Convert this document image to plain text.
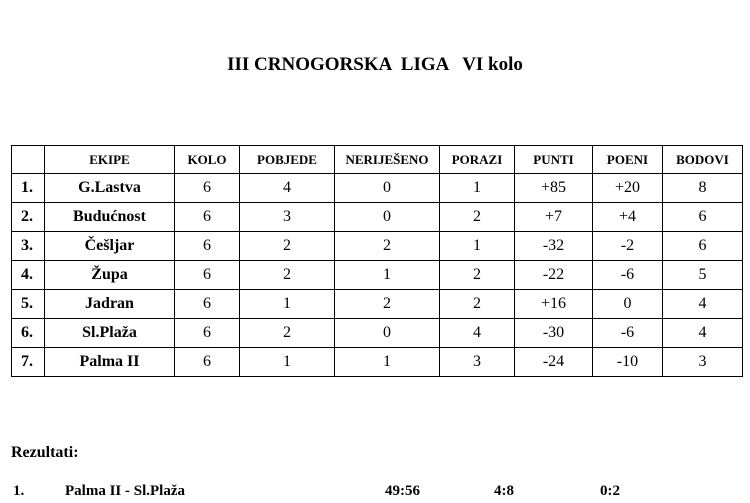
III CRNOGORSKA  LIGA   VI kolo
	EKIPE	KOLO	POBJEDE	NERIJEŠENO	PORAZI	PUNTI	POENI	BODOVI
1.	G.Lastva	6	4	0	1	+85	+20	8
2.	Budućnost	6	3	0	2	+7	+4	6
3.	Češljar	6	2	2	1	-32	-2	6
4.	Župa	6	2	1	2	-22	-6	5
5.	Jadran	6	1	2	2	+16	0	4
6.	Sl.Plaža	6	2	0	4	-30	-6	4
7.	Palma II	6	1	1	3	-24	-10	3
Rezultati:
1.	Palma II - Sl.Plaža	49:56	4:8	0:2
